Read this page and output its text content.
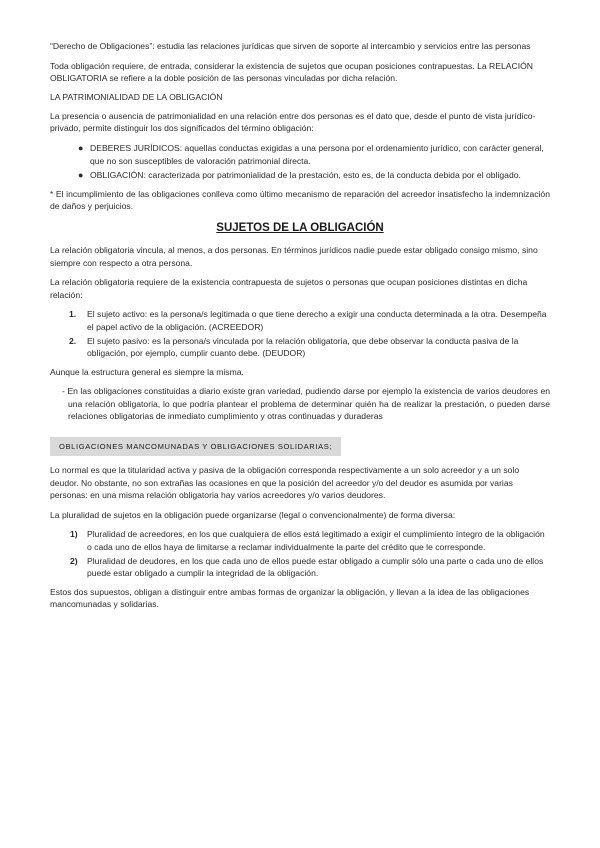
“Derecho de Obligaciones”: estudia las relaciones jurídicas que sirven de soporte al intercambio y servicios entre las personas

Toda obligación requiere, de entrada, considerar la existencia de sujetos que ocupan posiciones contrapuestas. La RELACIÓN OBLIGATORIA se refiere a la doble posición de las personas vinculadas por dicha relación.

LA PATRIMONIALIDAD DE LA OBLIGACIÓN

La presencia o ausencia de patrimonialidad en una relación entre dos personas es el dato que, desde el punto de vista jurídico-privado, permite distinguir los dos significados del término obligación:

● DEBERES JURÍDICOS: aquellas conductas exigidas a una persona por el ordenamiento jurídico, con carácter general, que no son susceptibles de valoración patrimonial directa.
● OBLIGACIÓN: caracterizada por patrimonialidad de la prestación, esto es, de la conducta debida por el obligado.

* El incumplimiento de las obligaciones conlleva como último mecanismo de reparación del acreedor insatisfecho la indemnización de daños y perjuicios.

SUJETOS DE LA OBLIGACIÓN

La relación obligatoria vincula, al menos, a dos personas. En términos jurídicos nadie puede estar obligado consigo mismo, sino siempre con respecto a otra persona.

La relación obligatoria requiere de la existencia contrapuesta de sujetos o personas que ocupan posiciones distintas en dicha relación:

1. El sujeto activo: es la persona/s legitimada o que tiene derecho a exigir una conducta determinada a la otra. Desempeña el papel activo de la obligación. (ACREEDOR)
2. El sujeto pasivo: es la persona/s vinculada por la relación obligatoria, que debe observar la conducta pasiva de la obligación, por ejemplo, cumplir cuanto debe. (DEUDOR)

Aunque la estructura general es siempre la misma.

- En las obligaciones constituidas a diario existe gran variedad, pudiendo darse por ejemplo la existencia de varios deudores en una relación obligatoria, lo que podría plantear el problema de determinar quién ha de realizar la prestación, o pueden darse relaciones obligatorias de inmediato cumplimiento y otras continuadas y duraderas

OBLIGACIONES MANCOMUNADAS Y OBLIGACIONES SOLIDARIAS;

Lo normal es que la titularidad activa y pasiva de la obligación corresponda respectivamente a un solo acreedor y a un solo deudor. No obstante, no son extrañas las ocasiones en que la posición del acreedor y/o del deudor es asumida por varias personas: en una misma relación obligatoria hay varios acreedores y/o varios deudores.

La pluralidad de sujetos en la obligación puede organizarse (legal o convencionalmente) de forma diversa:

1) Pluralidad de acreedores, en los que cualquiera de ellos está legitimado a exigir el cumplimiento íntegro de la obligación o cada uno de ellos haya de limitarse a reclamar individualmente la parte del crédito que le corresponde.
2) Pluralidad de deudores, en los que cada uno de ellos puede estar obligado a cumplir sólo una parte o cada uno de ellos puede estar obligado a cumplir la integridad de la obligación.

Estos dos supuestos, obligan a distinguir entre ambas formas de organizar la obligación, y llevan a la idea de las obligaciones mancomunadas y solidarias.
